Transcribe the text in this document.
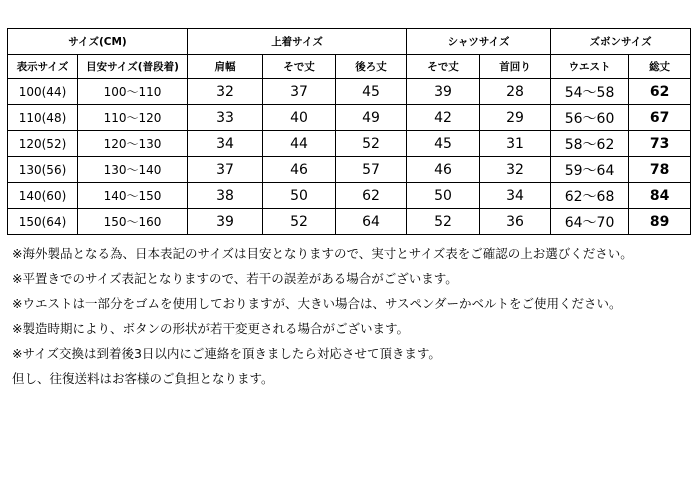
サイズ(CM)		上着サイズ			シャツサイズ		ズボンサイズ	
表示サイズ	目安サイズ(普段着)	肩幅	そで丈	後ろ丈	そで丈	首回り	ウエスト	総丈
100(44)	100～110	32	37	45	39	28	54～58	62
110(48)	110～120	33	40	49	42	29	56～60	67
120(52)	120～130	34	44	52	45	31	58～62	73
130(56)	130～140	37	46	57	46	32	59～64	78
140(60)	140～150	38	50	62	50	34	62～68	84
150(64)	150～160	39	52	64	52	36	64～70	89

※海外製品となる為、日本表記のサイズは目安となりますので、実寸とサイズ表をご確認の上お選びください。

※平置きでのサイズ表記となりますので、若干の誤差がある場合がございます。

※ウエストは一部分をゴムを使用しておりますが、大きい場合は、サスペンダーかベルトをご使用ください。

※製造時期により、ボタンの形状が若干変更される場合がございます。

※サイズ交換は到着後3日以内にご連絡を頂きましたら対応させて頂きます。

但し、往復送料はお客様のご負担となります。
